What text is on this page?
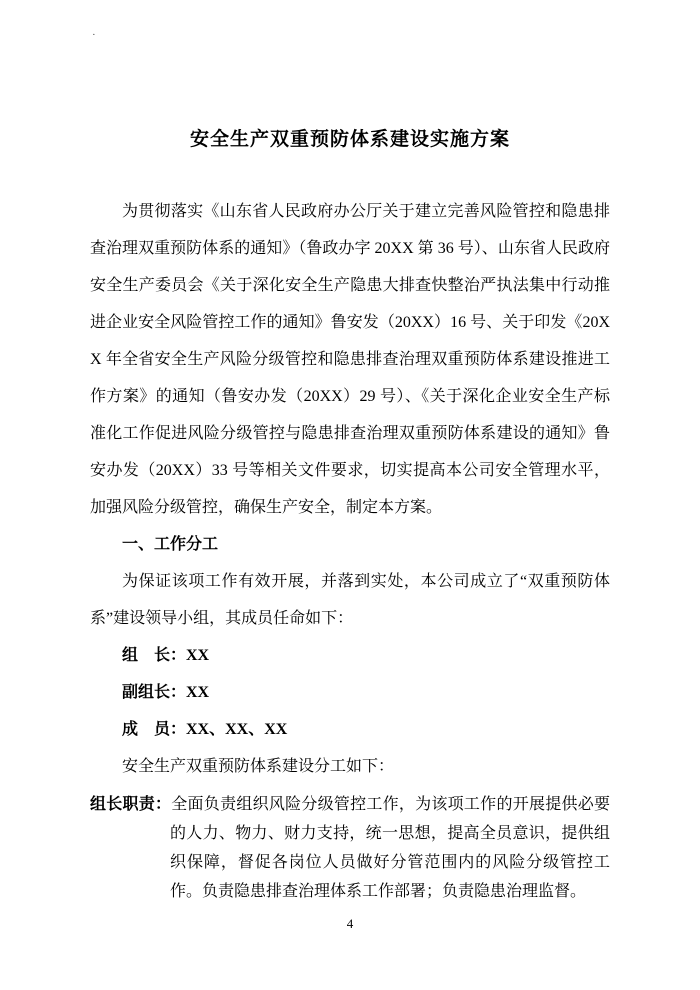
·
安全生产双重预防体系建设实施方案

为贯彻落实《山东省人民政府办公厅关于建立完善风险管控和隐患排查治理双重预防体系的通知》（鲁政办字 20XX 第 36 号）、山东省人民政府安全生产委员会《关于深化安全生产隐患大排查快整治严执法集中行动推进企业安全风险管控工作的通知》鲁安发（20XX）16 号、关于印发《20XX 年全省安全生产风险分级管控和隐患排查治理双重预防体系建设推进工作方案》的通知（鲁安办发（20XX）29 号）、《关于深化企业安全生产标准化工作促进风险分级管控与隐患排查治理双重预防体系建设的通知》鲁安办发（20XX）33 号等相关文件要求，切实提高本公司安全管理水平，加强风险分级管控，确保生产安全，制定本方案。

一、工作分工

为保证该项工作有效开展，并落到实处，本公司成立了“双重预防体系”建设领导小组，其成员任命如下：

组　长：XX

副组长：XX

成　员：XX、XX、XX

安全生产双重预防体系建设分工如下：

组长职责：全面负责组织风险分级管控工作，为该项工作的开展提供必要的人力、物力、财力支持，统一思想，提高全员意识，提供组织保障，督促各岗位人员做好分管范围内的风险分级管控工作。负责隐患排查治理体系工作部署；负责隐患治理监督。

4
